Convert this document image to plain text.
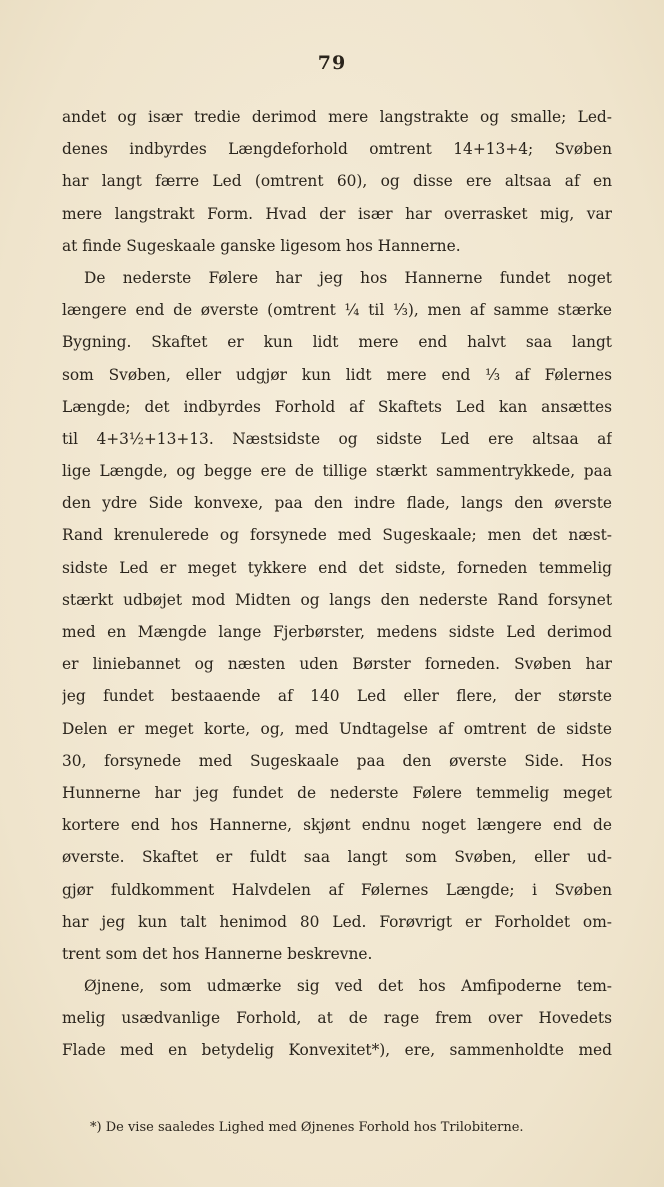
79
andet og især tredie derimod mere langstrakte og smalle; Led-
denes indbyrdes Længdeforhold omtrent 14+13+4; Svøben
har langt færre Led (omtrent 60), og disse ere altsaa af en
mere langstrakt Form. Hvad der især har overrasket mig, var
at finde Sugeskaale ganske ligesom hos Hannerne.
De nederste Følere har jeg hos Hannerne fundet noget
længere end de øverste (omtrent ¼ til ⅓), men af samme stærke
Bygning. Skaftet er kun lidt mere end halvt saa langt
som Svøben, eller udgjør kun lidt mere end ⅓ af Følernes
Længde; det indbyrdes Forhold af Skaftets Led kan ansættes
til 4+3½+13+13. Næstsidste og sidste Led ere altsaa af
lige Længde, og begge ere de tillige stærkt sammentrykkede, paa
den ydre Side konvexe, paa den indre flade, langs den øverste
Rand krenulerede og forsynede med Sugeskaale; men det næst-
sidste Led er meget tykkere end det sidste, forneden temmelig
stærkt udbøjet mod Midten og langs den nederste Rand forsynet
med en Mængde lange Fjerbørster, medens sidste Led derimod
er liniebannet og næsten uden Børster forneden. Svøben har
jeg fundet bestaaende af 140 Led eller flere, der største
Delen er meget korte, og, med Undtagelse af omtrent de sidste
30, forsynede med Sugeskaale paa den øverste Side. Hos
Hunnerne har jeg fundet de nederste Følere temmelig meget
kortere end hos Hannerne, skjønt endnu noget længere end de
øverste. Skaftet er fuldt saa langt som Svøben, eller ud-
gjør fuldkomment Halvdelen af Følernes Længde; i Svøben
har jeg kun talt henimod 80 Led. Forøvrigt er Forholdet om-
trent som det hos Hannerne beskrevne.
Øjnene, som udmærke sig ved det hos Amfipoderne tem-
melig usædvanlige Forhold, at de rage frem over Hovedets
Flade med en betydelig Konvexitet*), ere, sammenholdte med
*) De vise saaledes Lighed med Øjnenes Forhold hos Trilobiterne.
